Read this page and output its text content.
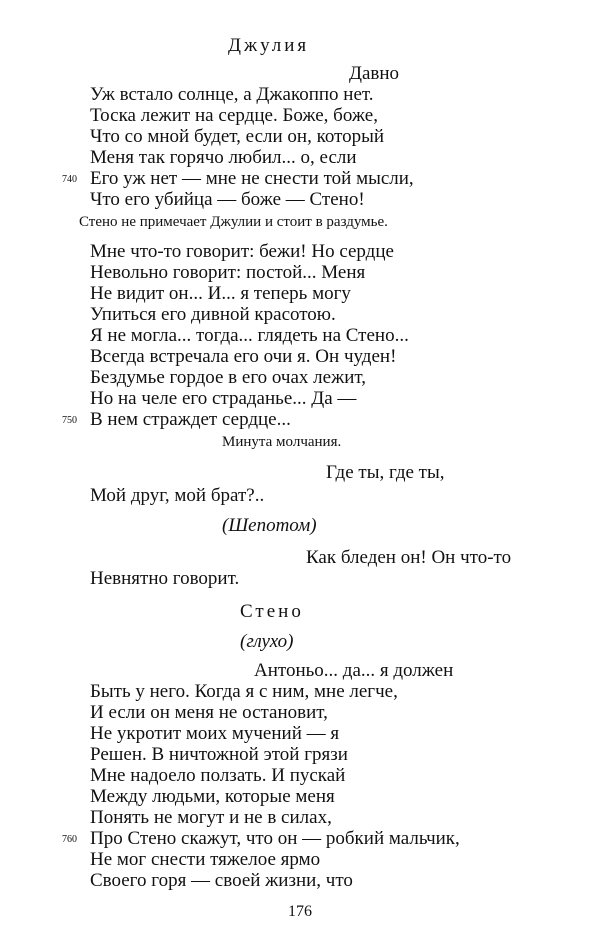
Джулия
Давно
Уж встало солнце, а Джакоппо нет.
Тоска лежит на сердце. Боже, боже,
Что со мной будет, если он, который
Меня так горячо любил... о, если
740 Его уж нет — мне не снести той мысли,
Что его убийца — боже — Стено!
Стено не примечает Джулии и стоит в раздумье.
Мне что-то говорит: бежи! Но сердце
Невольно говорит: постой... Меня
Не видит он... И... я теперь могу
Упиться его дивной красотою.
Я не могла... тогда... глядеть на Стено...
Всегда встречала его очи я. Он чуден!
Бездумье гордое в его очах лежит,
Но на челе его страданье... Да —
750 В нем страждет сердце...
Минута молчания.
Где ты, где ты,
Мой друг, мой брат?..
(Шепотом)
Как бледен он! Он что-то
Невнятно говорит.
Стено
(глухо)
Антоньо... да... я должен
Быть у него. Когда я с ним, мне легче,
И если он меня не остановит,
Не укротит моих мучений — я
Решен. В ничтожной этой грязи
Мне надоело ползать. И пускай
Между людьми, которые меня
Понять не могут и не в силах,
760 Про Стено скажут, что он — робкий мальчик,
Не мог снести тяжелое ярмо
Своего горя — своей жизни, что
176
